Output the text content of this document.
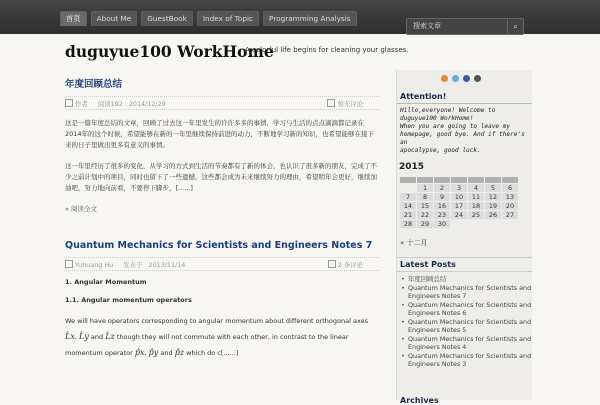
首页	About Me	GuestBook	Index of Topic	Programming Analysis
搜索文章
⌕
duguyue100 WorkHome
A colorful life begins for cleaning your glasses.
年度回顾总结
作者 阅读192 2014/12/29	暂无评论

这是一篇年度总结的文章，回顾了过去这一年里发生的许许多多的事情，学习与生活的点点滴滴都记录在2014年的这个时候，希望能够在新的一年里继续保持前进的动力，不断地学习新的知识，也希望能够在接下来的日子里做出更多有意义的事情。

这一年里经历了很多的变化，从学习的方式到生活的节奏都有了新的体会，也认识了很多新的朋友，完成了不少之前计划中的项目，同时也留下了一些遗憾，这些都会成为未来继续努力的理由，希望明年会更好，继续加油吧，努力地向前看，不要停下脚步，[......]

» 阅读全文
Quantum Mechanics for Scientists and Engineers Notes 7
Yuhuang Hu 发表于 2013/11/14	2 条评论

1. Angular Momentum

1.1. Angular momentum operators

We will have operators corresponding to angular momentum about different orthogonal axes L̂x, L̂y and L̂z though they will not commute with each other, in contrast to the linear momentum operator p̂x, p̂y and p̂z which do c[......]

Attention!
Hillo,everyone! Welcome to
duguyue100 WorkHome!
When you are going to leave my
homepage, good bye. And if there's an
apocalypse, good luck.
2015

	1	2	3	4	5	6
7	8	9	10	11	12	13
14	15	16	17	18	19	20
21	22	23	24	25	26	27
28	29	30				
« 十二月
Latest Posts
• 年度回顾总结
• Quantum Mechanics for Scientists and Engineers Notes 7
• Quantum Mechanics for Scientists and Engineers Notes 6
• Quantum Mechanics for Scientists and Engineers Notes 5
• Quantum Mechanics for Scientists and Engineers Notes 4
• Quantum Mechanics for Scientists and Engineers Notes 3
Archives
